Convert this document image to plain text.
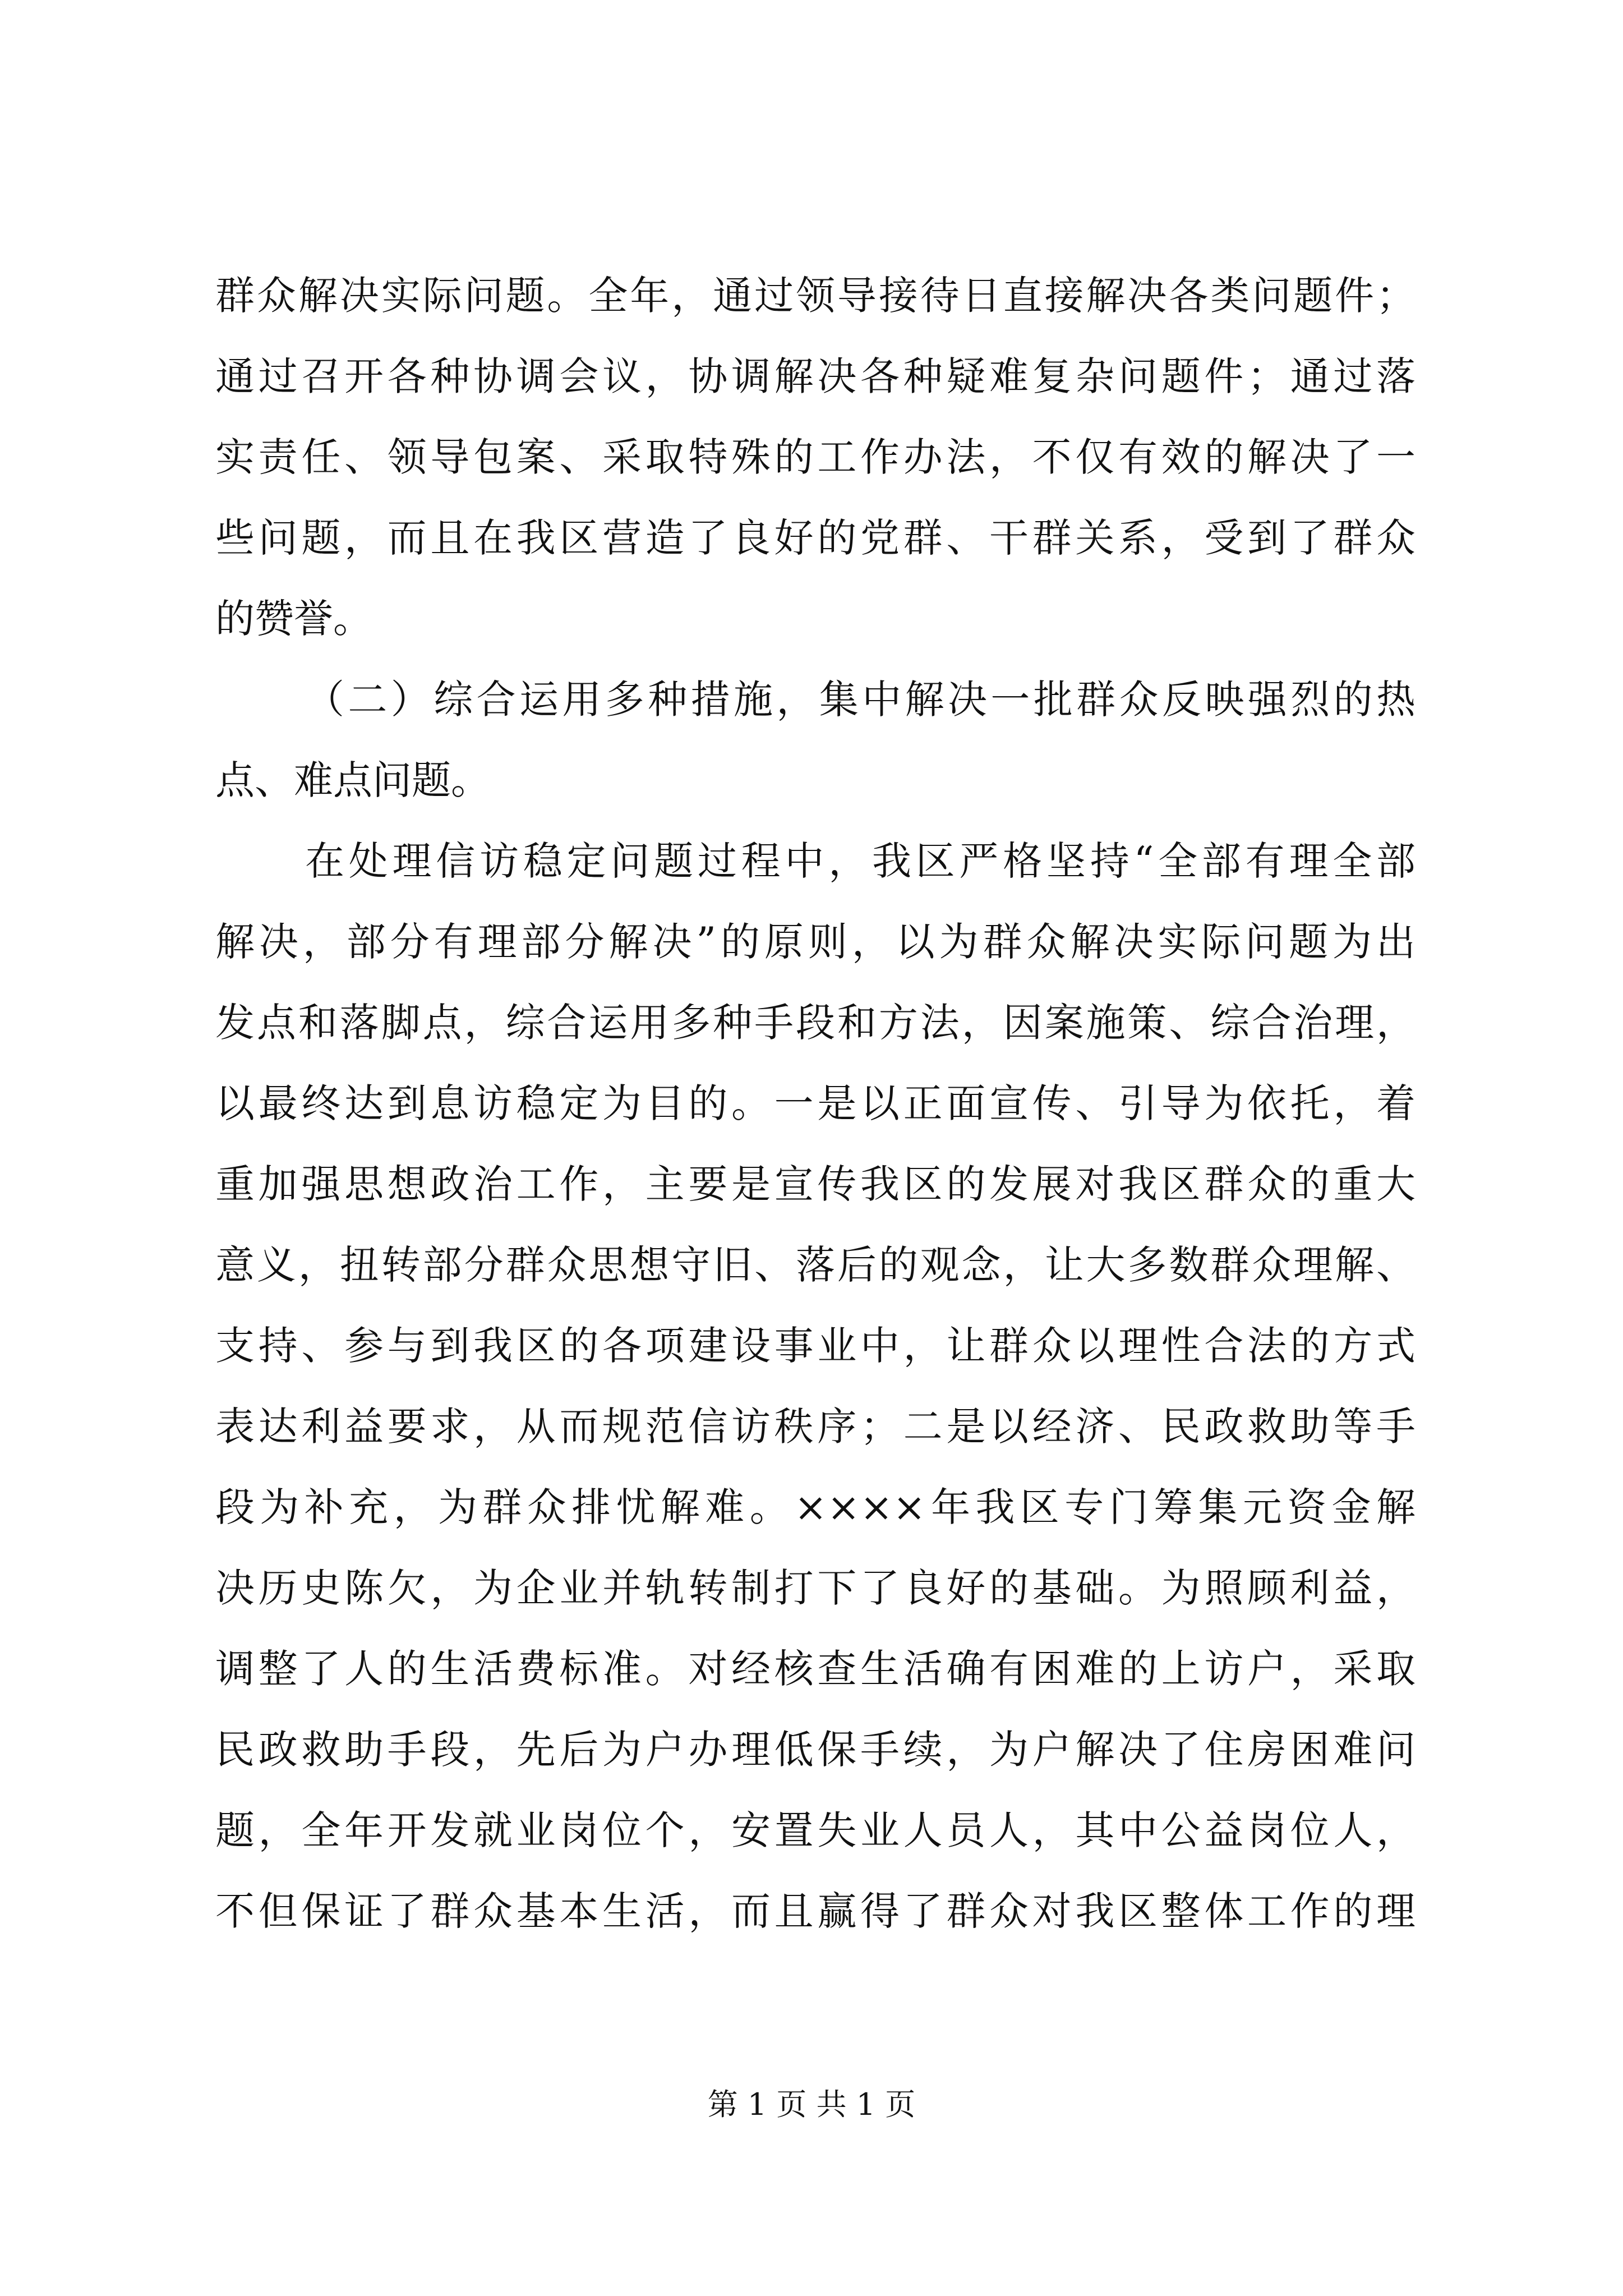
群众解决实际问题。全年，通过领导接待日直接解决各类问题件；
通过召开各种协调会议，协调解决各种疑难复杂问题件；通过落
实责任、领导包案、采取特殊的工作办法，不仅有效的解决了一
些问题，而且在我区营造了良好的党群、干群关系，受到了群众
的赞誉。
（二）综合运用多种措施，集中解决一批群众反映强烈的热
点、难点问题。
在处理信访稳定问题过程中，我区严格坚持“全部有理全部
解决，部分有理部分解决”的原则，以为群众解决实际问题为出
发点和落脚点，综合运用多种手段和方法，因案施策、综合治理，
以最终达到息访稳定为目的。一是以正面宣传、引导为依托，着
重加强思想政治工作，主要是宣传我区的发展对我区群众的重大
意义，扭转部分群众思想守旧、落后的观念，让大多数群众理解、
支持、参与到我区的各项建设事业中，让群众以理性合法的方式
表达利益要求，从而规范信访秩序；二是以经济、民政救助等手
段为补充，为群众排忧解难。××××年我区专门筹集元资金解
决历史陈欠，为企业并轨转制打下了良好的基础。为照顾利益，
调整了人的生活费标准。对经核查生活确有困难的上访户，采取
民政救助手段，先后为户办理低保手续，为户解决了住房困难问
题，全年开发就业岗位个，安置失业人员人，其中公益岗位人，
不但保证了群众基本生活，而且赢得了群众对我区整体工作的理
第 1 页 共 1 页
